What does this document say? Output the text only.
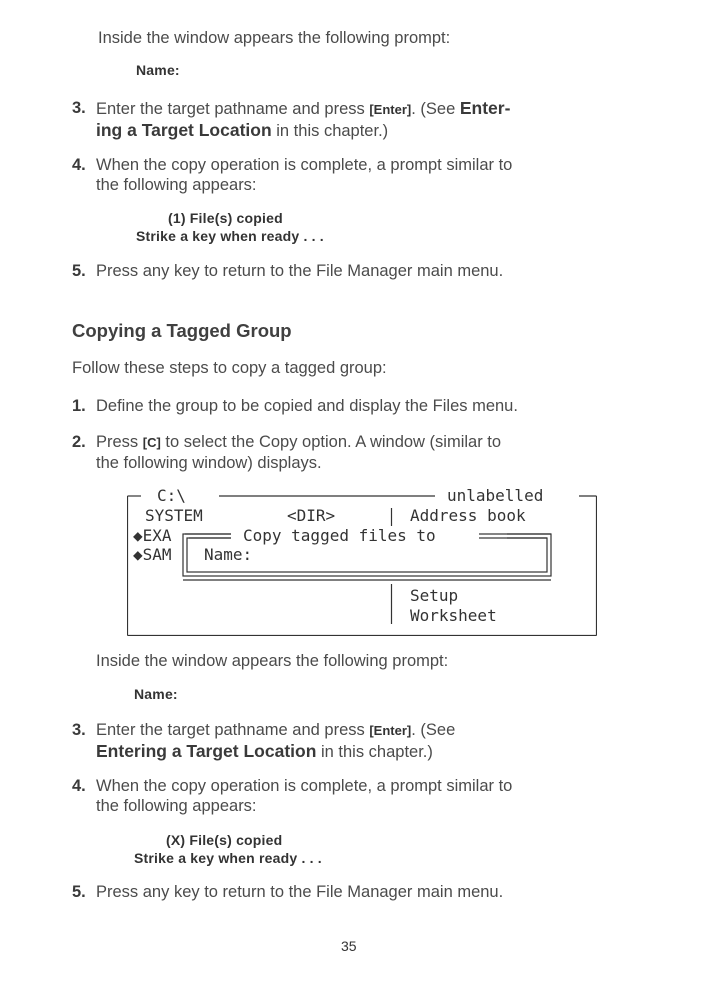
Inside the window appears the following prompt:
Name:
3. Enter the target pathname and press [Enter]. (See Enter-
ing a Target Location in this chapter.)
4. When the copy operation is complete, a prompt similar to
the following appears:
(1) File(s) copied
Strike a key when ready . . .
5. Press any key to return to the File Manager main menu.
Copying a Tagged Group
Follow these steps to copy a tagged group:
1. Define the group to be copied and display the Files menu.
2. Press [C] to select the Copy option. A window (similar to
the following window) displays.
C:\	unlabelled
SYSTEM	<DIR>	Address book
◆EXA	Copy tagged files to
◆SAM Name:
Setup
Worksheet
Inside the window appears the following prompt:
Name:
3. Enter the target pathname and press [Enter]. (See
Entering a Target Location in this chapter.)
4. When the copy operation is complete, a prompt similar to
the following appears:
(X) File(s) copied
Strike a key when ready . . .
5. Press any key to return to the File Manager main menu.
35
